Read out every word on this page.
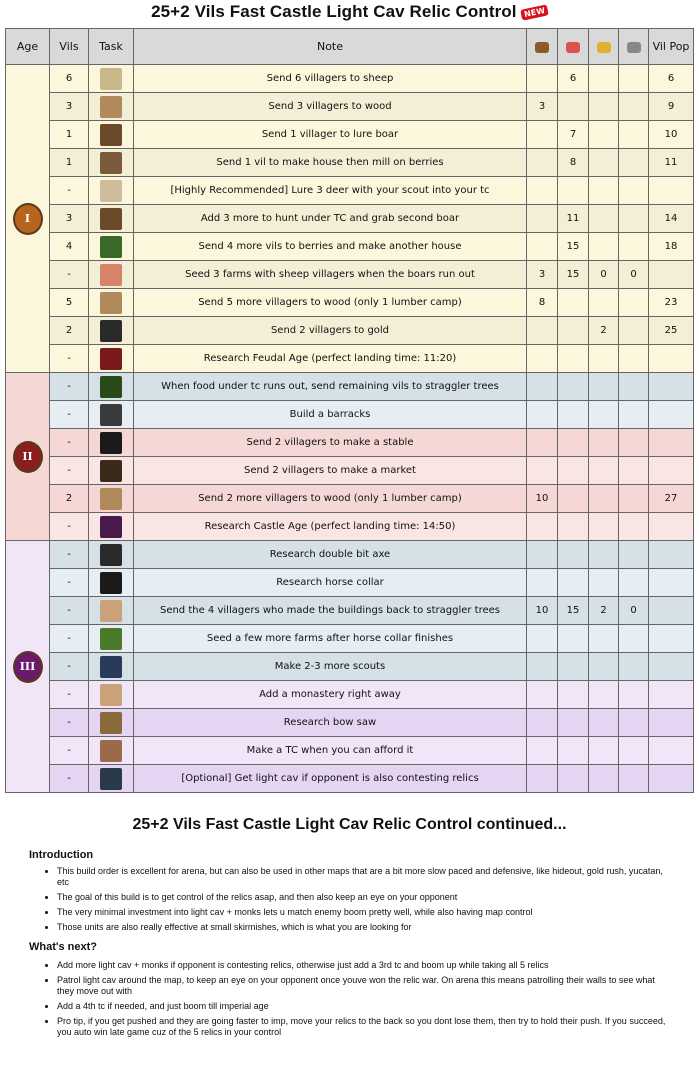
25+2 Vils Fast Castle Light Cav Relic Control NEW
Age	Vils	Task	Note					Vil Pop
I	6		Send 6 villagers to sheep		6			6
	3		Send 3 villagers to wood	3				9
	1		Send 1 villager to lure boar		7			10
	1		Send 1 vil to make house then mill on berries		8			11
	-		[Highly Recommended] Lure 3 deer with your scout into your tc					
	3		Add 3 more to hunt under TC and grab second boar		11			14
	4		Send 4 more vils to berries and make another house		15			18
	-		Seed 3 farms with sheep villagers when the boars run out	3	15	0	0	
	5		Send 5 more villagers to wood (only 1 lumber camp)	8				23
	2		Send 2 villagers to gold			2		25
	-		Research Feudal Age (perfect landing time: 11:20)					
II	-		When food under tc runs out, send remaining vils to straggler trees					
	-		Build a barracks					
	-		Send 2 villagers to make a stable					
	-		Send 2 villagers to make a market					
	2		Send 2 more villagers to wood (only 1 lumber camp)	10				27
	-		Research Castle Age (perfect landing time: 14:50)					
III	-		Research double bit axe					
	-		Research horse collar					
	-		Send the 4 villagers who made the buildings back to straggler trees	10	15	2	0	
	-		Seed a few more farms after horse collar finishes					
	-		Make 2-3 more scouts					
	-		Add a monastery right away					
	-		Research bow saw					
	-		Make a TC when you can afford it					
	-		[Optional] Get light cav if opponent is also contesting relics					
25+2 Vils Fast Castle Light Cav Relic Control continued...
Introduction
• This build order is excellent for arena, but can also be used in other maps that are a bit more slow paced and defensive, like hideout, gold rush, yucatan, etc
• The goal of this build is to get control of the relics asap, and then also keep an eye on your opponent
• The very minimal investment into light cav + monks lets u match enemy boom pretty well, while also having map control
• Those units are also really effective at small skirmishes, which is what you are looking for
What's next?
• Add more light cav + monks if opponent is contesting relics, otherwise just add a 3rd tc and boom up while taking all 5 relics
• Patrol light cav around the map, to keep an eye on your opponent once youve won the relic war. On arena this means patrolling their walls to see what they move out with
• Add a 4th tc if needed, and just boom till imperial age
• Pro tip, if you get pushed and they are going faster to imp, move your relics to the back so you dont lose them, then try to hold their push. If you succeed, you auto win late game cuz of the 5 relics in your control
